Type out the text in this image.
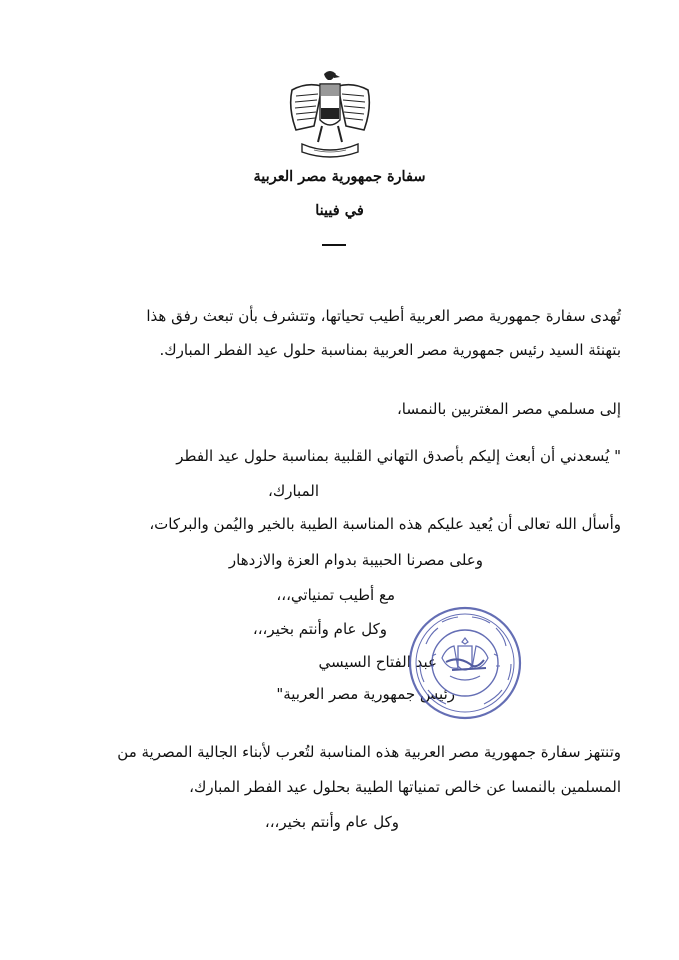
سفارة جمهورية مصر العربية
في فيينا
تُهدى سفارة جمهورية مصر العربية أطيب تحياتها، وتتشرف بأن تبعث رفق هذا
بتهنئة السيد رئيس جمهورية مصر العربية بمناسبة حلول عيد الفطر المبارك.
إلى مسلمي مصر المغتربين بالنمسا،
" يُسعدني أن أبعث إليكم بأصدق التهاني القلبية بمناسبة حلول عيد الفطر
المبارك،
وأسأل الله تعالى أن يُعيد عليكم هذه المناسبة الطيبة بالخير واليُمن والبركات،
وعلى مصرنا الحبيبة بدوام العزة والازدهار
مع أطيب تمنياتي،،،
وكل عام وأنتم بخير،،،
عبد الفتاح السيسي
رئيس جمهورية مصر العربية"
وتنتهز سفارة جمهورية مصر العربية هذه المناسبة لتُعرب لأبناء الجالية المصرية من
المسلمين بالنمسا عن خالص تمنياتها الطيبة بحلول عيد الفطر المبارك،
وكل عام وأنتم بخير،،،
